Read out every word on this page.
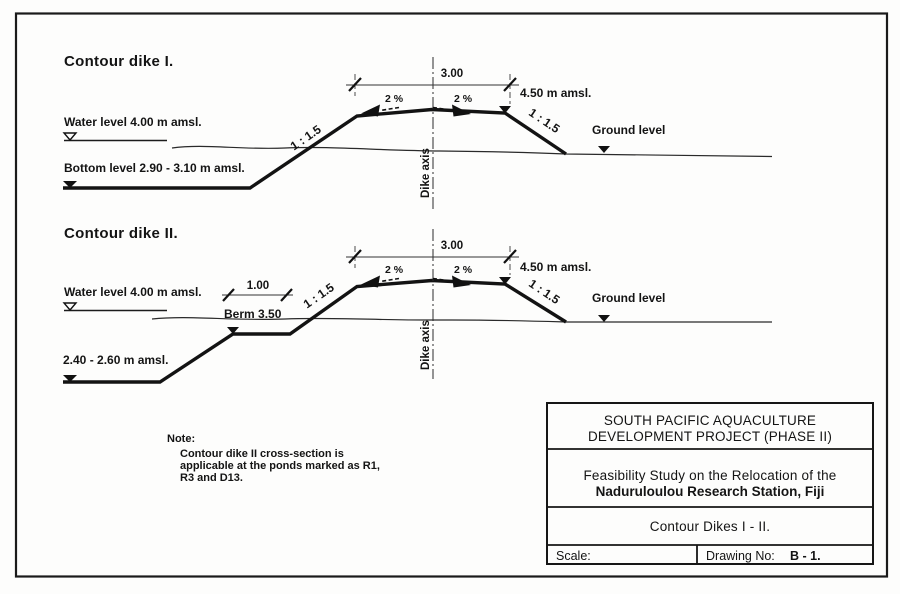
Contour dike I.
Water level 4.00 m amsl.
Bottom level 2.90 - 3.10 m amsl.	Dike axis
3.00
4.50 m amsl.
2 %	2 %
1 : 1.5
1 : 1.5 Ground level
Contour dike II.
Water level 4.00 m amsl.
2.40 - 2.60 m amsl.
Berm 3.50
1.00
Dike axis
3.00
4.50 m amsl.
2 %	2 %
1 : 1.5	1 : 1.5 Ground level
Note:
Contour dike II cross-section is
applicable at the ponds marked as R1,
R3 and D13.
SOUTH PACIFIC AQUACULTURE
DEVELOPMENT PROJECT (PHASE II)
Feasibility Study on the Relocation of the
Naduruloulou Research Station, Fiji
Contour Dikes I - II.
Scale:	Drawing No: B - 1.
